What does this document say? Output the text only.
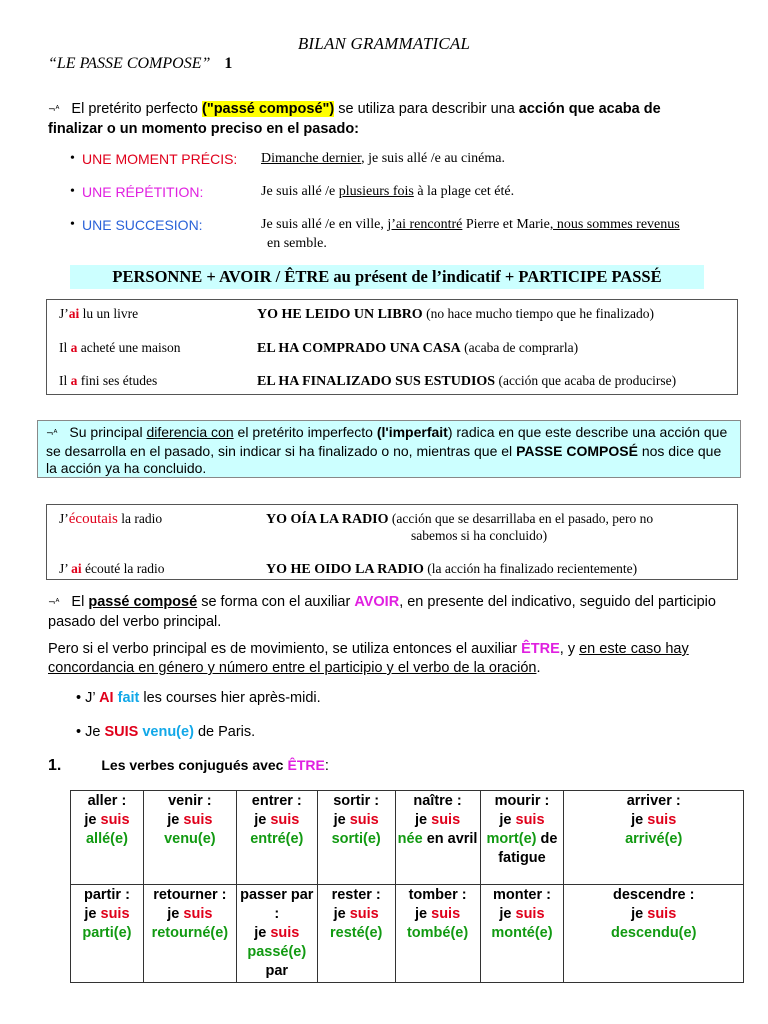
BILAN GRAMMATICAL
“LE PASSE COMPOSE” 1
¬ᴬ El pretérito perfecto ("passé composé") se utiliza para describir una acción que acaba de
finalizar o un momento preciso en el pasado:
• UNE MOMENT PRÉCIS: Dimanche dernier, je suis allé /e au cinéma.
• UNE RÉPÉTITION:	Je suis allé /e plusieurs fois à la plage cet été.
• UNE SUCCESION:	Je suis allé /e en ville, j’ai rencontré Pierre et Marie, nous sommes revenus
en semble.
PERSONNE + AVOIR / ÊTRE au présent de l’indicatif + PARTICIPE PASSÉ
J’ai lu un livre	YO HE LEIDO UN LIBRO (no hace mucho tiempo que he finalizado)
Il a acheté une maison	EL HA COMPRADO UNA CASA (acaba de comprarla)
Il a fini ses études	EL HA FINALIZADO SUS ESTUDIOS (acción que acaba de producirse)
¬ᴬ Su principal diferencia con el pretérito imperfecto (l'imperfait) radica en que este describe una acción que se desarrolla en el pasado, sin indicar si ha finalizado o no, mientras que el PASSE COMPOSÉ nos dice que la acción ya ha concluido.
J’écoutais la radio	YO OÍA LA RADIO (acción que se desarrillaba en el pasado, pero no
sabemos si ha concluido)
J’ ai écouté la radio	YO HE OIDO LA RADIO (la acción ha finalizado recientemente)
¬ᴬ El passé composé se forma con el auxiliar AVOIR, en presente del indicativo, seguido del participio pasado del verbo principal.
Pero si el verbo principal es de movimiento, se utiliza entonces el auxiliar ÊTRE, y en este caso hay concordancia en género y número entre el participio y el verbo de la oración.
• J’ AI fait les courses hier après-midi.
• Je SUIS venu(e) de Paris.
1.	Les verbes conjugués avec ÊTRE:
aller :
je suis
allé(e)	venir :
je suis
venu(e)	entrer :
je suis
entré(e)	sortir :
je suis
sorti(e)	naître :
je suis
née en avril	mourir :
je suis
mort(e) de fatigue	arriver :
je suis
arrivé(e)
partir :
je suis
parti(e)	retourner :
je suis
retourné(e)	passer par :
je suis
passé(e) par	rester :
je suis
resté(e)	tomber :
je suis
tombé(e)	monter :
je suis
monté(e)	descendre :
je suis
descendu(e)
